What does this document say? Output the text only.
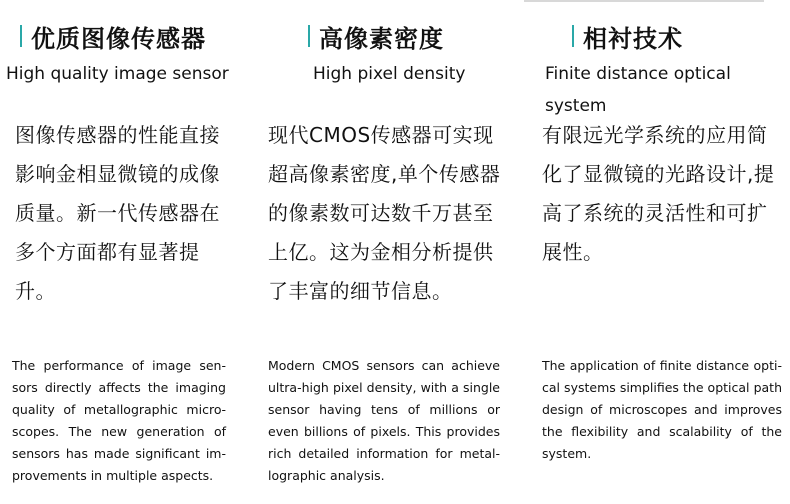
优质图像传感器
High quality image sensor

图像传感器的性能直接影响金相显微镜的成像质量。新一代传感器在多个方面都有显著提升。

The performance of image sensors directly affects the imaging quality of metallographic microscopes. The new generation of sensors has made significant improvements in multiple aspects.

高像素密度
High pixel density

现代CMOS传感器可实现超高像素密度,单个传感器的像素数可达数千万甚至上亿。这为金相分析提供了丰富的细节信息。

Modern CMOS sensors can achieve ultra-high pixel density, with a single sensor having tens of millions or even billions of pixels. This provides rich detailed information for metallographic analysis.

相衬技术
Finite distance optical system

有限远光学系统的应用简化了显微镜的光路设计,提高了系统的灵活性和可扩展性。

The application of finite distance optical systems simplifies the optical path design of microscopes and improves the flexibility and scalability of the system.
